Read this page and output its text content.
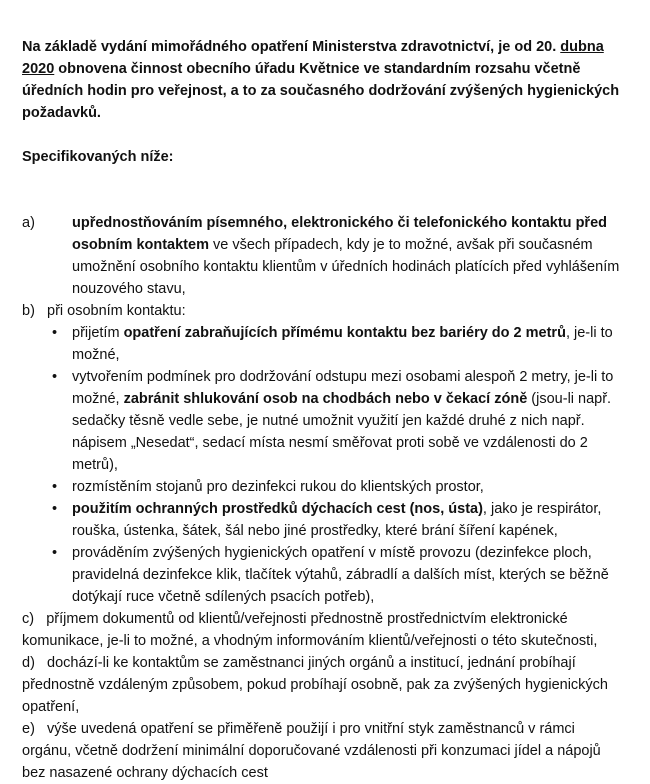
Na základě vydání mimořádného opatření Ministerstva zdravotnictví, je od 20. dubna 2020 obnovena činnost obecního úřadu Květnice ve standardním rozsahu včetně úředních hodin pro veřejnost, a to za současného dodržování zvýšených hygienických požadavků.

Specifikovaných níže:

a)	upřednostňováním písemného, elektronického či telefonického kontaktu před osobním kontaktem ve všech případech, kdy je to možné, avšak při současném umožnění osobního kontaktu klientům v úředních hodinách platících před vyhlášením nouzového stavu,

b) při osobním kontaktu:

• přijetím opatření zabraňujících přímému kontaktu bez bariéry do 2 metrů, je-li to možné,
• vytvořením podmínek pro dodržování odstupu mezi osobami alespoň 2 metry, je-li to možné, zabránit shlukování osob na chodbách nebo v čekací zóně (jsou-li např. sedačky těsně vedle sebe, je nutné umožnit využití jen každé druhé z nich např. nápisem „Nesedat“, sedací místa nesmí směřovat proti sobě ve vzdálenosti do 2 metrů),
• rozmístěním stojanů pro dezinfekci rukou do klientských prostor,
• použitím ochranných prostředků dýchacích cest (nos, ústa), jako je respirátor, rouška, ústenka, šátek, šál nebo jiné prostředky, které brání šíření kapének,
• prováděním zvýšených hygienických opatření v místě provozu (dezinfekce ploch, pravidelná dezinfekce klik, tlačítek výtahů, zábradlí a dalších míst, kterých se běžně dotýkají ruce včetně sdílených psacích potřeb),

c) příjmem dokumentů od klientů/veřejnosti přednostně prostřednictvím elektronické komunikace, je-li to možné, a vhodným informováním klientů/veřejnosti o této skutečnosti,

d) dochází-li ke kontaktům se zaměstnanci jiných orgánů a institucí, jednání probíhají přednostně vzdáleným způsobem, pokud probíhají osobně, pak za zvýšených hygienických opatření,

e) výše uvedená opatření se přiměřeně použijí i pro vnitřní styk zaměstnanců v rámci orgánu, včetně dodržení minimální doporučované vzdálenosti při konzumaci jídel a nápojů bez nasazené ochrany dýchacích cest
